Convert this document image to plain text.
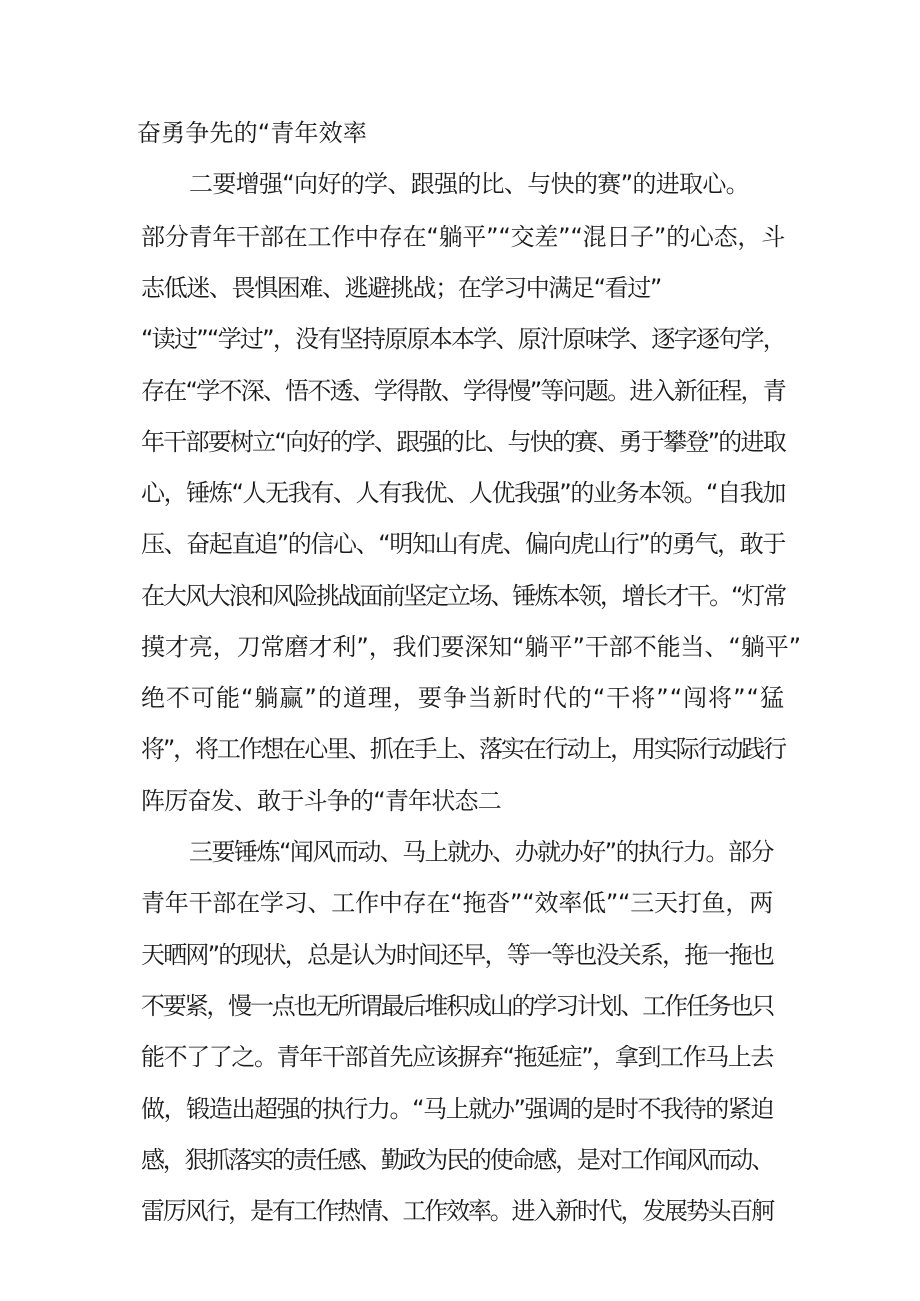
奋勇争先的“青年效率
二要增强“向好的学、跟强的比、与快的赛”的进取心。
部分青年干部在工作中存在“躺平”“交差”“混日子”的心态，斗
志低迷、畏惧困难、逃避挑战；在学习中满足“看过”
“读过”“学过”，没有坚持原原本本学、原汁原味学、逐字逐句学，
存在“学不深、悟不透、学得散、学得慢”等问题。进入新征程，青
年干部要树立“向好的学、跟强的比、与快的赛、勇于攀登”的进取
心，锤炼“人无我有、人有我优、人优我强”的业务本领。“自我加
压、奋起直追”的信心、“明知山有虎、偏向虎山行”的勇气，敢于
在大风大浪和风险挑战面前坚定立场、锤炼本领，增长才干。“灯常
摸才亮，刀常磨才利”，我们要深知“躺平”干部不能当、“躺平”
绝不可能“躺赢”的道理，要争当新时代的“干将”“闯将”“猛
将”，将工作想在心里、抓在手上、落实在行动上，用实际行动践行
阵厉奋发、敢于斗争的“青年状态二
三要锤炼“闻风而动、马上就办、办就办好”的执行力。部分
青年干部在学习、工作中存在“拖沓”“效率低”“三天打鱼，两
天晒网”的现状，总是认为时间还早，等一等也没关系，拖一拖也
不要紧，慢一点也无所谓最后堆积成山的学习计划、工作任务也只
能不了了之。青年干部首先应该摒弃“拖延症”，拿到工作马上去
做，锻造出超强的执行力。“马上就办”强调的是时不我待的紧迫
感，狠抓落实的责任感、勤政为民的使命感，是对工作闻风而动、
雷厉风行，是有工作热情、工作效率。进入新时代，发展势头百舸
